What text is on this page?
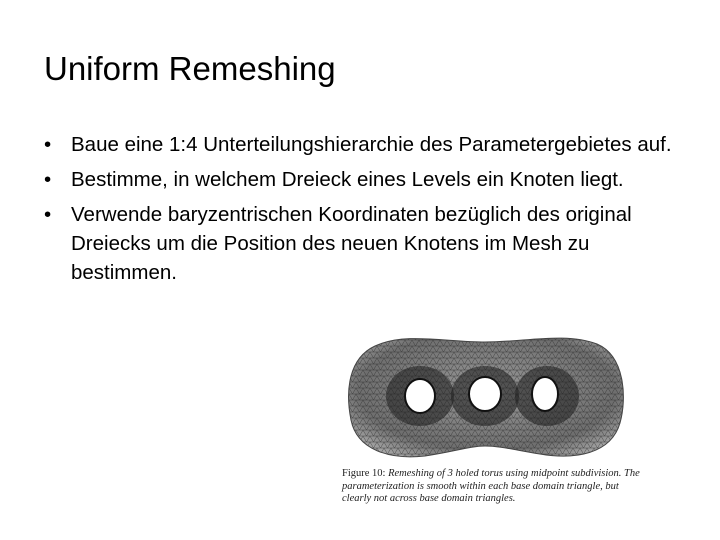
Uniform Remeshing
• Baue eine 1:4 Unterteilungshierarchie des Parametergebietes auf.
• Bestimme, in welchem Dreieck eines Levels ein Knoten liegt.
• Verwende baryzentrischen Koordinaten bezüglich des original Dreiecks um die Position des neuen Knotens im Mesh zu bestimmen.
Figure 10: Remeshing of 3 holed torus using midpoint subdivision. The parameterization is smooth within each base domain triangle, but clearly not across base domain triangles.
